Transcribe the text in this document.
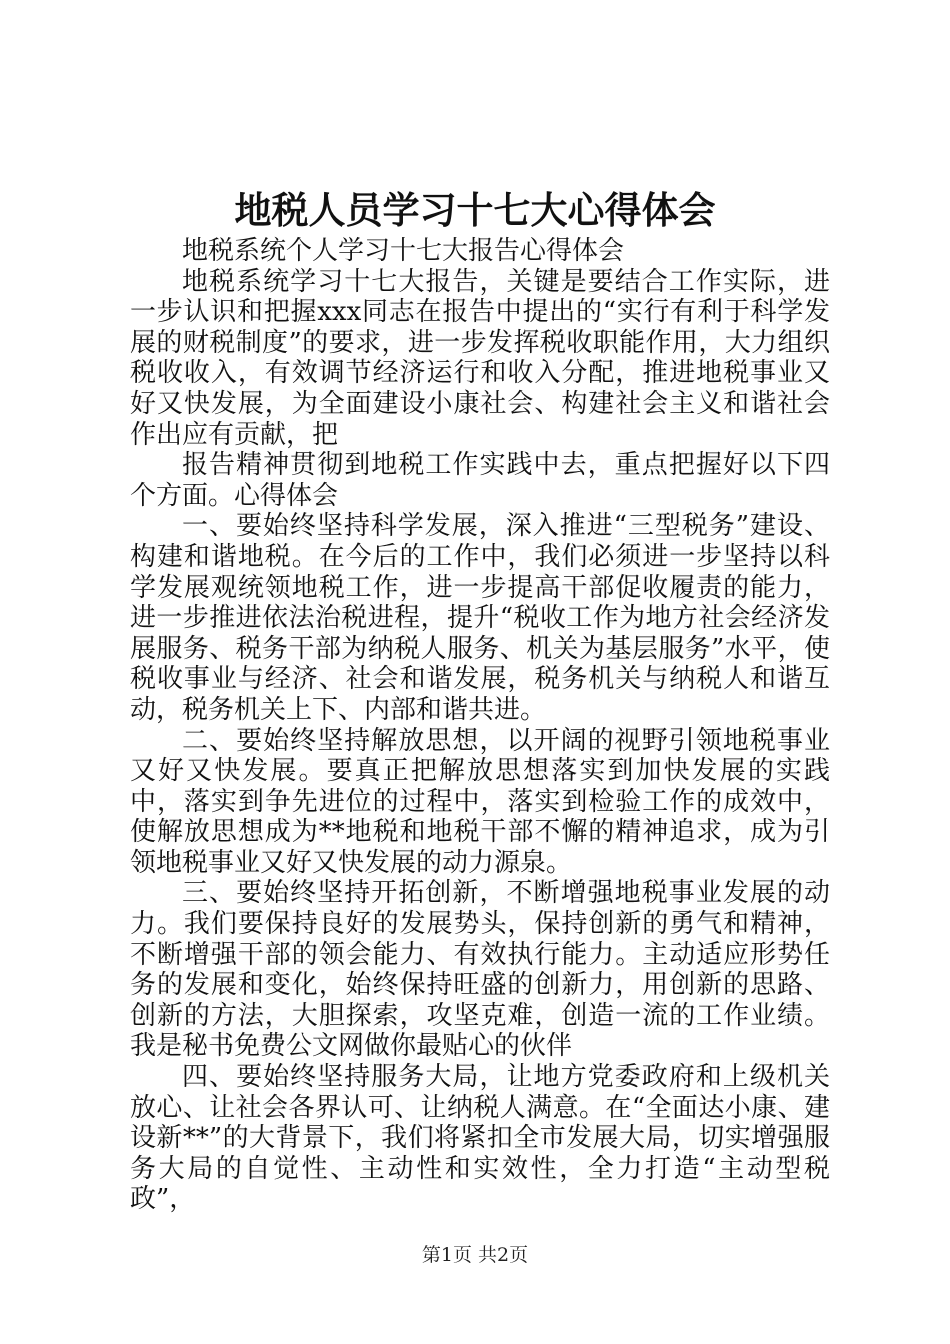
地税人员学习十七大心得体会

地税系统个人学习十七大报告心得体会

地税系统学习十七大报告，关键是要结合工作实际，进一步认识和把握xxx同志在报告中提出的“实行有利于科学发展的财税制度”的要求，进一步发挥税收职能作用，大力组织税收收入，有效调节经济运行和收入分配，推进地税事业又好又快发展，为全面建设小康社会、构建社会主义和谐社会作出应有贡献，把

报告精神贯彻到地税工作实践中去，重点把握好以下四个方面。心得体会

一、要始终坚持科学发展，深入推进“三型税务”建设、构建和谐地税。在今后的工作中，我们必须进一步坚持以科学发展观统领地税工作，进一步提高干部促收履责的能力，进一步推进依法治税进程，提升“税收工作为地方社会经济发展服务、税务干部为纳税人服务、机关为基层服务”水平，使税收事业与经济、社会和谐发展，税务机关与纳税人和谐互动，税务机关上下、内部和谐共进。

二、要始终坚持解放思想，以开阔的视野引领地税事业又好又快发展。要真正把解放思想落实到加快发展的实践中，落实到争先进位的过程中，落实到检验工作的成效中，使解放思想成为**地税和地税干部不懈的精神追求，成为引领地税事业又好又快发展的动力源泉。

三、要始终坚持开拓创新，不断增强地税事业发展的动力。我们要保持良好的发展势头，保持创新的勇气和精神，不断增强干部的领会能力、有效执行能力。主动适应形势任务的发展和变化，始终保持旺盛的创新力，用创新的思路、创新的方法，大胆探索，攻坚克难，创造一流的工作业绩。我是秘书免费公文网做你最贴心的伙伴

四、要始终坚持服务大局，让地方党委政府和上级机关放心、让社会各界认可、让纳税人满意。在“全面达小康、建设新**”的大背景下，我们将紧扣全市发展大局，切实增强服务大局的自觉性、主动性和实效性，全力打造“主动型税政”，

第1页 共2页
